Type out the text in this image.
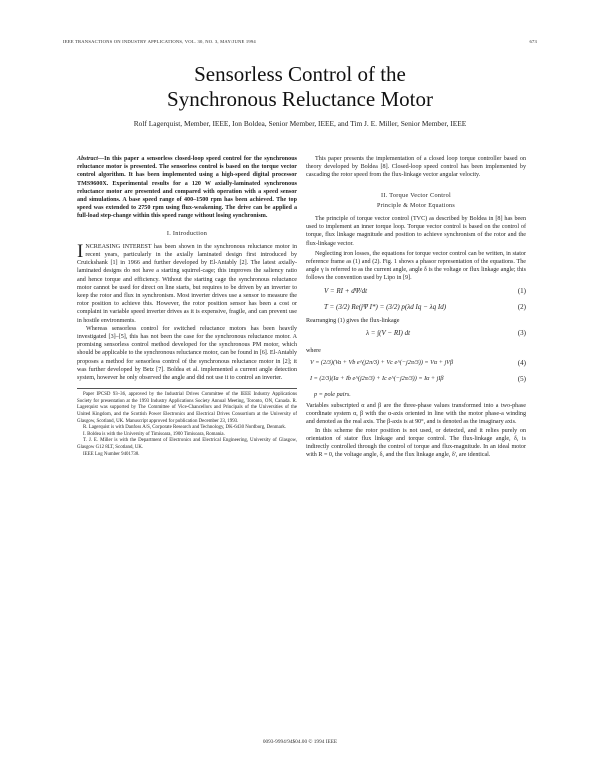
IEEE TRANSACTIONS ON INDUSTRY APPLICATIONS, VOL. 30, NO. 3, MAY/JUNE 1994	673
Sensorless Control of the
Synchronous Reluctance Motor
Rolf Lagerquist, Member, IEEE, Ion Boldea, Senior Member, IEEE, and Tim J. E. Miller, Senior Member, IEEE
Abstract—In this paper a sensorless closed-loop speed control for the synchronous reluctance motor is presented. The sensorless control is based on the torque vector control algorithm. It has been implemented using a high-speed digital processor TMS9600X. Experimental results for a 120 W axially-laminated synchronous reluctance motor are presented and compared with operation with a speed sensor and simulations. A base speed range of 400–1500 rpm has been achieved. The top speed was extended to 2750 rpm using flux-weakening. The drive can be applied a full-load step-change within this speed range without losing synchronism.
I. Introduction

INCREASING INTEREST has been shown in the synchronous reluctance motor in recent years, particularly in the axially laminated design first introduced by Cruickshank [1] in 1966 and further developed by El-Antably [2]. The latest axially-laminated designs do not have a starting squirrel-cage; this improves the saliency ratio and hence torque and efficiency. Without the starting cage the synchronous reluctance motor cannot be used for direct on line starts, but requires to be driven by an inverter to keep the rotor and flux in synchronism. Most inverter drives use a sensor to measure the rotor position to achieve this. However, the rotor position sensor has been a cost or complaint in variable speed inverter drives as it is expensive, fragile, and can prevent use in hostile environments.

Whereas sensorless control for switched reluctance motors has been heavily investigated [3]–[5], this has not been the case for the synchronous reluctance motor. A promising sensorless control method developed for the synchronous PM motor, which should be applicable to the synchronous reluctance motor, can be found in [6]. El-Antably proposes a method for sensorless control of the synchronous reluctance motor in [2]; it was further developed by Betz [7]. Boldea et al. implemented a current angle detection system, however he only observed the angle and did not use it to control an inverter.

Paper IPCSD 93–36, approved by the Industrial Drives Committee of the IEEE Industry Applications Society for presentation at the 1993 Industry Applications Society Annual Meeting, Toronto, ON, Canada. R. Lagerquist was supported by The Committee of Vice-Chancellors and Principals of the Universities of the United Kingdom, and the Scottish Power Electronics and Electrical Drives Consortium at the University of Glasgow, Scotland, UK. Manuscript approved for publication December 23, 1993.

R. Lagerquist is with Danfoss A/S, Corporate Research and Technology, DK-6430 Nordborg, Denmark.

I. Boldea is with the University of Timisoara, 1900 Timisoara, Romania.

T. J. E. Miller is with the Department of Electronics and Electrical Engineering, University of Glasgow, Glasgow G12 8LT, Scotland, UK.

IEEE Log Number 9401738.

This paper presents the implementation of a closed loop torque controller based on theory developed by Boldea [8]. Closed-loop speed control has been implemented by cascading the rotor speed from the flux-linkage vector angular velocity.

II. Torque Vector Control
Principle & Motor Equations

The principle of torque vector control (TVC) as described by Boldea in [8] has been used to implement an inner torque loop. Torque vector control is based on the control of torque, flux linkage magnitude and position to achieve synchronism of the rotor and the flux-linkage vector.

Neglecting iron losses, the equations for torque vector control can be written, in stator reference frame as (1) and (2). Fig. 1 shows a phasor representation of the equations. The angle γ is referred to as the current angle, angle δ is the voltage or flux linkage angle; this follows the convention used by Lipo in [9].

V = RI + dΨ/dt	(1)
T = (3/2) Re(jΨ I*) = (3/2) p(λd Iq − λq Id)	(2)

Rearranging (1) gives the flux-linkage

λ = ∫(V − RI) dt	(3)

where

V = (2/3)(Va + Vb e^(j2π/3) + Vc e^(−j2π/3)) = Vα + jVβ	(4)
I = (2/3)(Ia + Ib e^(j2π/3) + Ic e^(−j2π/3)) = Iα + jIβ	(5)
p = pole pairs.

Variables subscripted α and β are the three-phase values transformed into a two-phase coordinate system α, β with the α-axis oriented in line with the motor phase-a winding and denoted as the real axis. The β-axis is at 90°, and is denoted as the imaginary axis.

In this scheme the rotor position is not used, or detected, and it relies purely on orientation of stator flux linkage and torque control. The flux-linkage angle, δ, is indirectly controlled through the control of torque and flux-magnitude. In an ideal motor with R = 0, the voltage angle, δ, and the flux linkage angle, δ', are identical.

0093-9994/94$04.00 © 1994 IEEE
